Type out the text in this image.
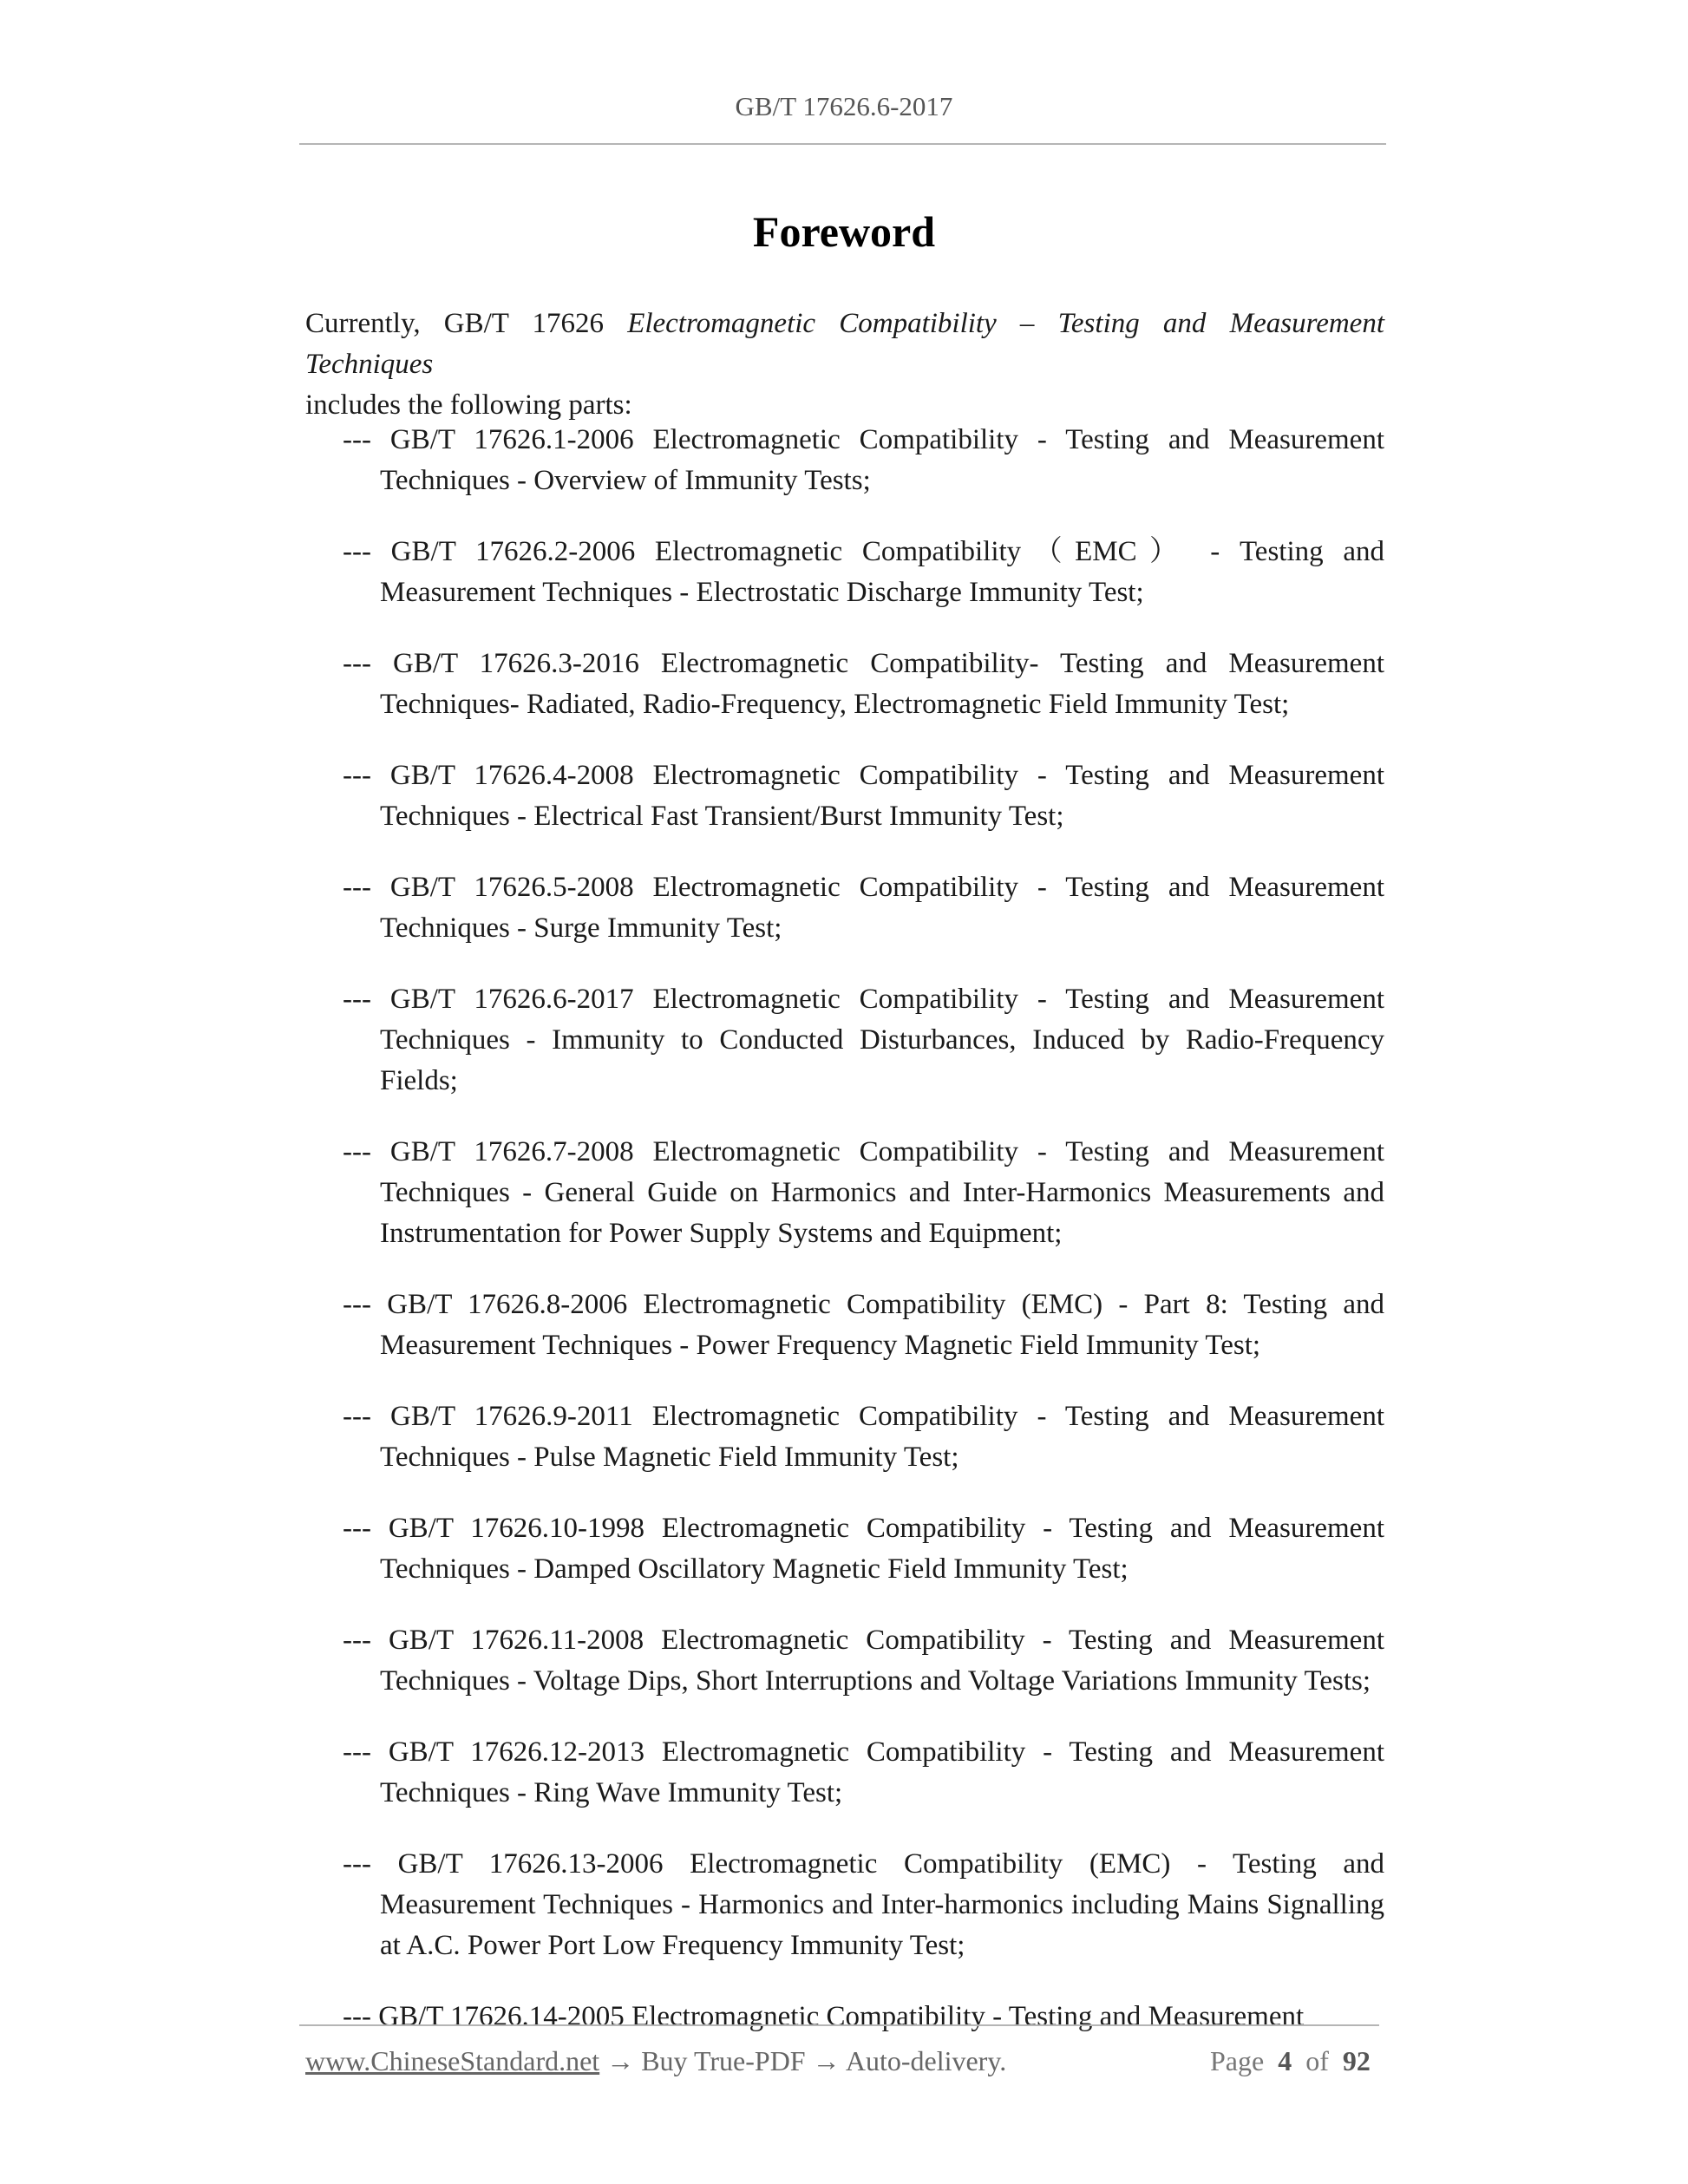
GB/T 17626.6-2017
Foreword
Currently, GB/T 17626 Electromagnetic Compatibility – Testing and Measurement Techniques
includes the following parts:
--- GB/T 17626.1-2006 Electromagnetic Compatibility - Testing and Measurement Techniques - Overview of Immunity Tests;
--- GB/T 17626.2-2006 Electromagnetic Compatibility（EMC） - Testing and Measurement Techniques - Electrostatic Discharge Immunity Test;
--- GB/T 17626.3-2016 Electromagnetic Compatibility- Testing and Measurement Techniques- Radiated, Radio-Frequency, Electromagnetic Field Immunity Test;
--- GB/T 17626.4-2008 Electromagnetic Compatibility - Testing and Measurement Techniques - Electrical Fast Transient/Burst Immunity Test;
--- GB/T 17626.5-2008 Electromagnetic Compatibility - Testing and Measurement Techniques - Surge Immunity Test;
--- GB/T 17626.6-2017 Electromagnetic Compatibility - Testing and Measurement Techniques - Immunity to Conducted Disturbances, Induced by Radio-Frequency Fields;
--- GB/T 17626.7-2008 Electromagnetic Compatibility - Testing and Measurement Techniques - General Guide on Harmonics and Inter-Harmonics Measurements and Instrumentation for Power Supply Systems and Equipment;
--- GB/T 17626.8-2006 Electromagnetic Compatibility (EMC) - Part 8: Testing and Measurement Techniques - Power Frequency Magnetic Field Immunity Test;
--- GB/T 17626.9-2011 Electromagnetic Compatibility - Testing and Measurement Techniques - Pulse Magnetic Field Immunity Test;
--- GB/T 17626.10-1998 Electromagnetic Compatibility - Testing and Measurement Techniques - Damped Oscillatory Magnetic Field Immunity Test;
--- GB/T 17626.11-2008 Electromagnetic Compatibility - Testing and Measurement Techniques - Voltage Dips, Short Interruptions and Voltage Variations Immunity Tests;
--- GB/T 17626.12-2013 Electromagnetic Compatibility - Testing and Measurement Techniques - Ring Wave Immunity Test;
--- GB/T 17626.13-2006 Electromagnetic Compatibility (EMC) - Testing and Measurement Techniques - Harmonics and Inter-harmonics including Mains Signalling at A.C. Power Port Low Frequency Immunity Test;
--- GB/T 17626.14-2005 Electromagnetic Compatibility - Testing and Measurement
www.ChineseStandard.net → Buy True-PDF → Auto-delivery.	Page 4 of 92
